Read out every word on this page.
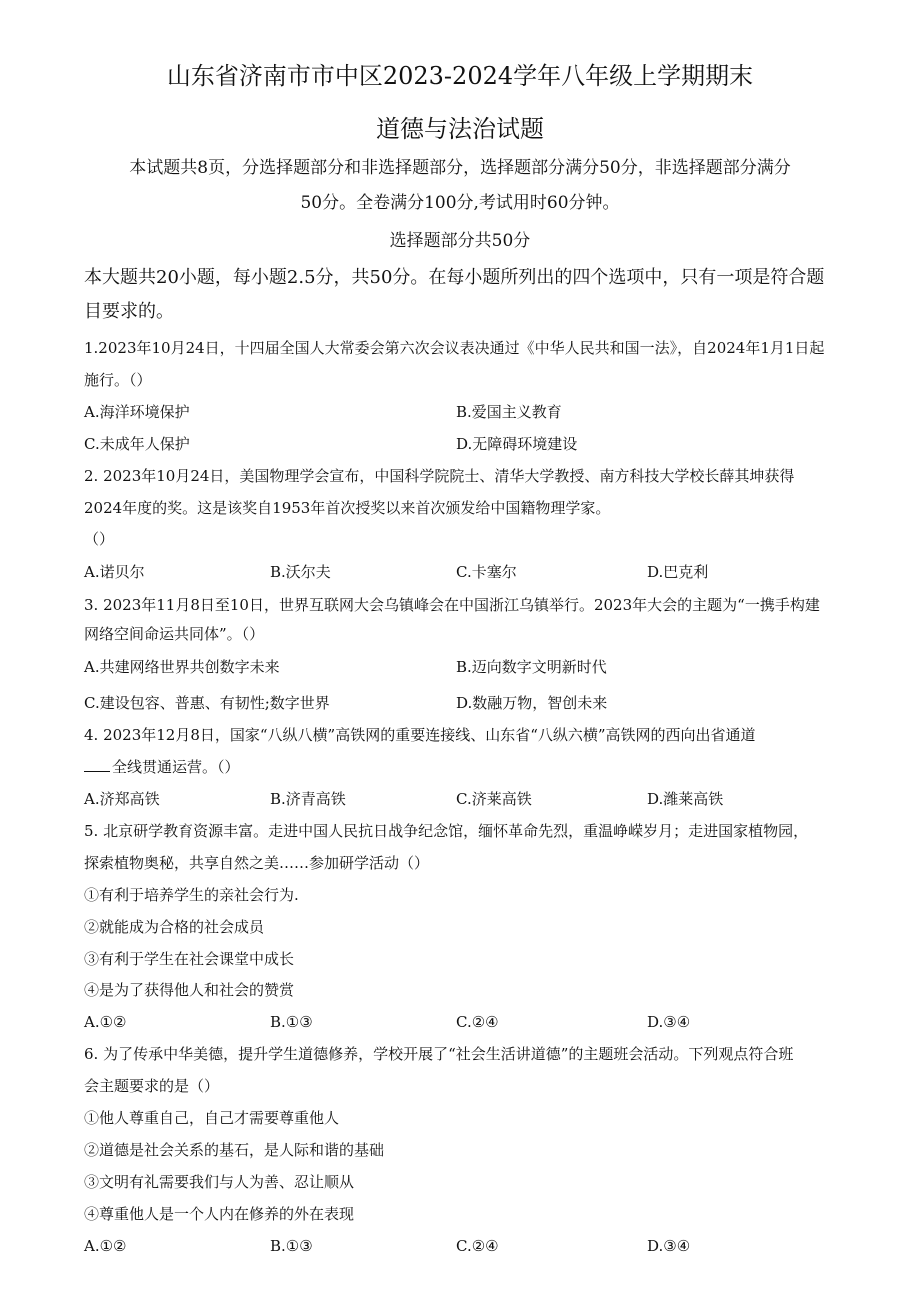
山东省济南市市中区2023-2024学年八年级上学期期末
道德与法治试题
本试题共8页，分选择题部分和非选择题部分，选择题部分满分50分，非选择题部分满分
50分。全卷满分100分,考试用时60分钟。
选择题部分共50分
本大题共20小题，每小题2.5分，共50分。在每小题所列出的四个选项中，只有一项是符合题
目要求的。
1.2023年10月24日，十四届全国人大常委会第六次会议表决通过《中华人民共和国一法》，自2024年1月1日起
施行。（）
A.海洋环境保护	B.爱国主义教育
C.未成年人保护	D.无障碍环境建设
2. 2023年10月24日，美国物理学会宣布，中国科学院院士、清华大学教授、南方科技大学校长薛其坤获得
2024年度的奖。这是该奖自1953年首次授奖以来首次颁发给中国籍物理学家。
（）
A.诺贝尔	B.沃尔夫	C.卡塞尔	D.巴克利
3. 2023年11月8日至10日，世界互联网大会乌镇峰会在中国浙江乌镇举行。2023年大会的主题为“一携手构建
网络空间命运共同体”。（）
A.共建网络世界共创数字未来	B.迈向数字文明新时代
C.建设包容、普惠、有韧性;数字世界	D.数融万物，智创未来
4. 2023年12月8日，国家“八纵八横”高铁网的重要连接线、山东省“八纵六横”高铁网的西向出省通道
全线贯通运营。（）
A.济郑高铁	B.济青高铁	C.济莱高铁	D.潍莱高铁
5. 北京研学教育资源丰富。走进中国人民抗日战争纪念馆，缅怀革命先烈，重温峥嵘岁月；走进国家植物园，
探索植物奥秘，共享自然之美……参加研学活动（）
①有利于培养学生的亲社会行为.
②就能成为合格的社会成员
③有利于学生在社会课堂中成长
④是为了获得他人和社会的赞赏
A.①②	B.①③	C.②④	D.③④
6. 为了传承中华美德，提升学生道德修养，学校开展了“社会生活讲道德”的主题班会活动。下列观点符合班
会主题要求的是（）
①他人尊重自己，自己才需要尊重他人
②道德是社会关系的基石，是人际和谐的基础
③文明有礼需要我们与人为善、忍让顺从
④尊重他人是一个人内在修养的外在表现
A.①②	B.①③	C.②④	D.③④
